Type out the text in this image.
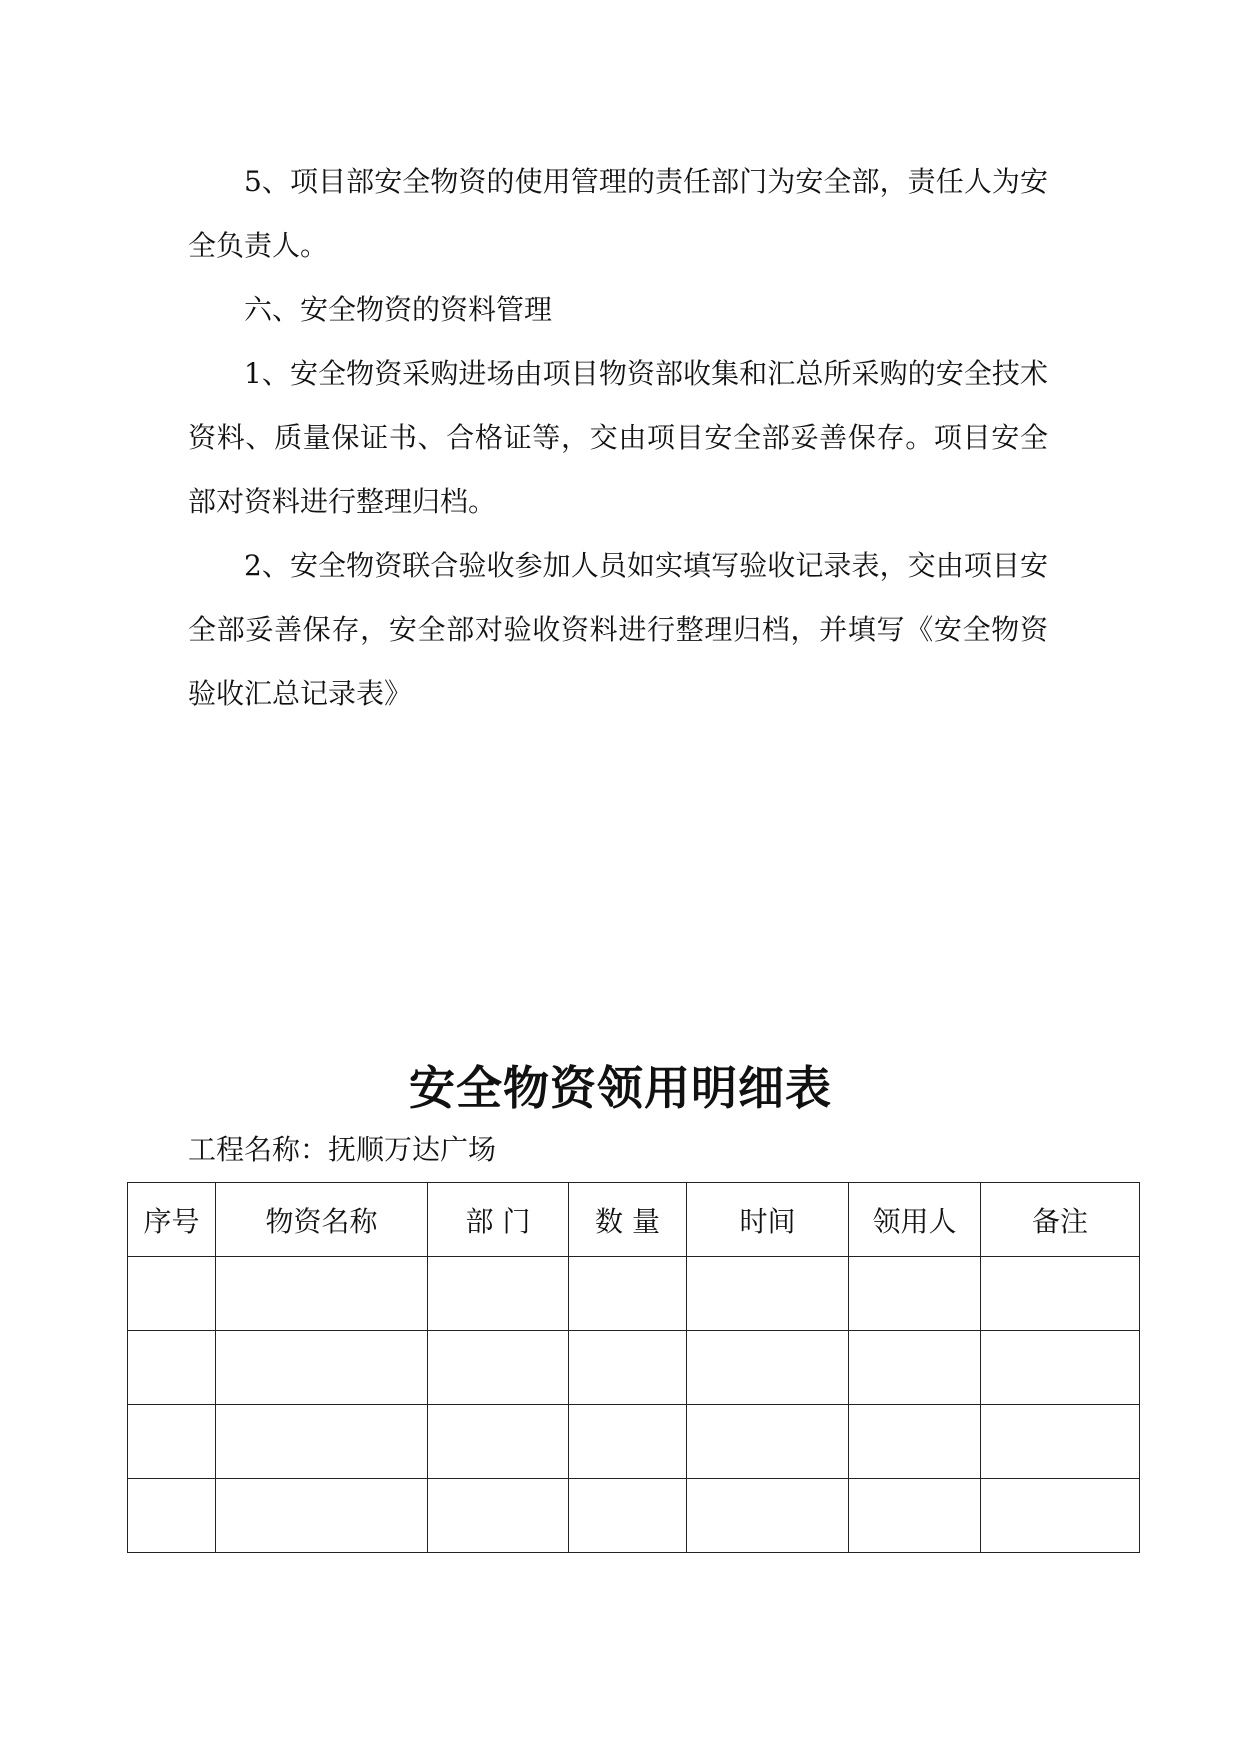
5、项目部安全物资的使用管理的责任部门为安全部，责任人为安全负责人。

六、安全物资的资料管理

1、安全物资采购进场由项目物资部收集和汇总所采购的安全技术资料、质量保证书、合格证等，交由项目安全部妥善保存。项目安全部对资料进行整理归档。

2、安全物资联合验收参加人员如实填写验收记录表，交由项目安全部妥善保存，安全部对验收资料进行整理归档，并填写《安全物资验收汇总记录表》

安全物资领用明细表
工程名称：抚顺万达广场
序号	物资名称	部 门	数 量	时间	领用人	备注
